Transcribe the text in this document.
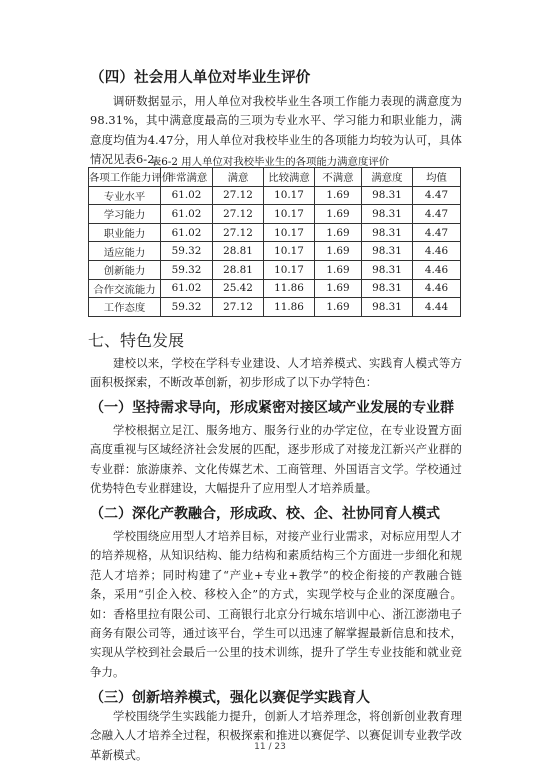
（四）社会用人单位对毕业生评价
调研数据显示，用人单位对我校毕业生各项工作能力表现的满意度为98.31%，其中满意度最高的三项为专业水平、学习能力和职业能力，满意度均值为4.47分，用人单位对我校毕业生的各项能力均较为认可，具体情况见表6-2。
表6-2 用人单位对我校毕业生的各项能力满意度评价
各项工作能力评价	非常满意	满意	比较满意	不满意	满意度	均值
专业水平	61.02	27.12	10.17	1.69	98.31	4.47
学习能力	61.02	27.12	10.17	1.69	98.31	4.47
职业能力	61.02	27.12	10.17	1.69	98.31	4.47
适应能力	59.32	28.81	10.17	1.69	98.31	4.46
创新能力	59.32	28.81	10.17	1.69	98.31	4.46
合作交流能力	61.02	25.42	11.86	1.69	98.31	4.46
工作态度	59.32	27.12	11.86	1.69	98.31	4.44
七、特色发展
建校以来，学校在学科专业建设、人才培养模式、实践育人模式等方面积极探索，不断改革创新，初步形成了以下办学特色：
（一）坚持需求导向，形成紧密对接区域产业发展的专业群
学校根据立足江、服务地方、服务行业的办学定位，在专业设置方面高度重视与区域经济社会发展的匹配，逐步形成了对接龙江新兴产业群的专业群：旅游康养、文化传媒艺术、工商管理、外国语言文学。学校通过优势特色专业群建设，大幅提升了应用型人才培养质量。
（二）深化产教融合，形成政、校、企、社协同育人模式
学校围绕应用型人才培养目标，对接产业行业需求，对标应用型人才的培养规格，从知识结构、能力结构和素质结构三个方面进一步细化和规范人才培养；同时构建了“产业+专业+教学”的校企衔接的产教融合链条，采用“引企入校、移校入企”的方式，实现学校与企业的深度融合。如：香格里拉有限公司、工商银行北京分行城东培训中心、浙江澎渤电子商务有限公司等，通过该平台，学生可以迅速了解掌握最新信息和技术，实现从学校到社会最后一公里的技术训练，提升了学生专业技能和就业竞争力。
（三）创新培养模式，强化以赛促学实践育人
学校围绕学生实践能力提升，创新人才培养理念，将创新创业教育理念融入人才培养全过程，积极探索和推进以赛促学、以赛促训专业教学改革新模式。
11 / 23
